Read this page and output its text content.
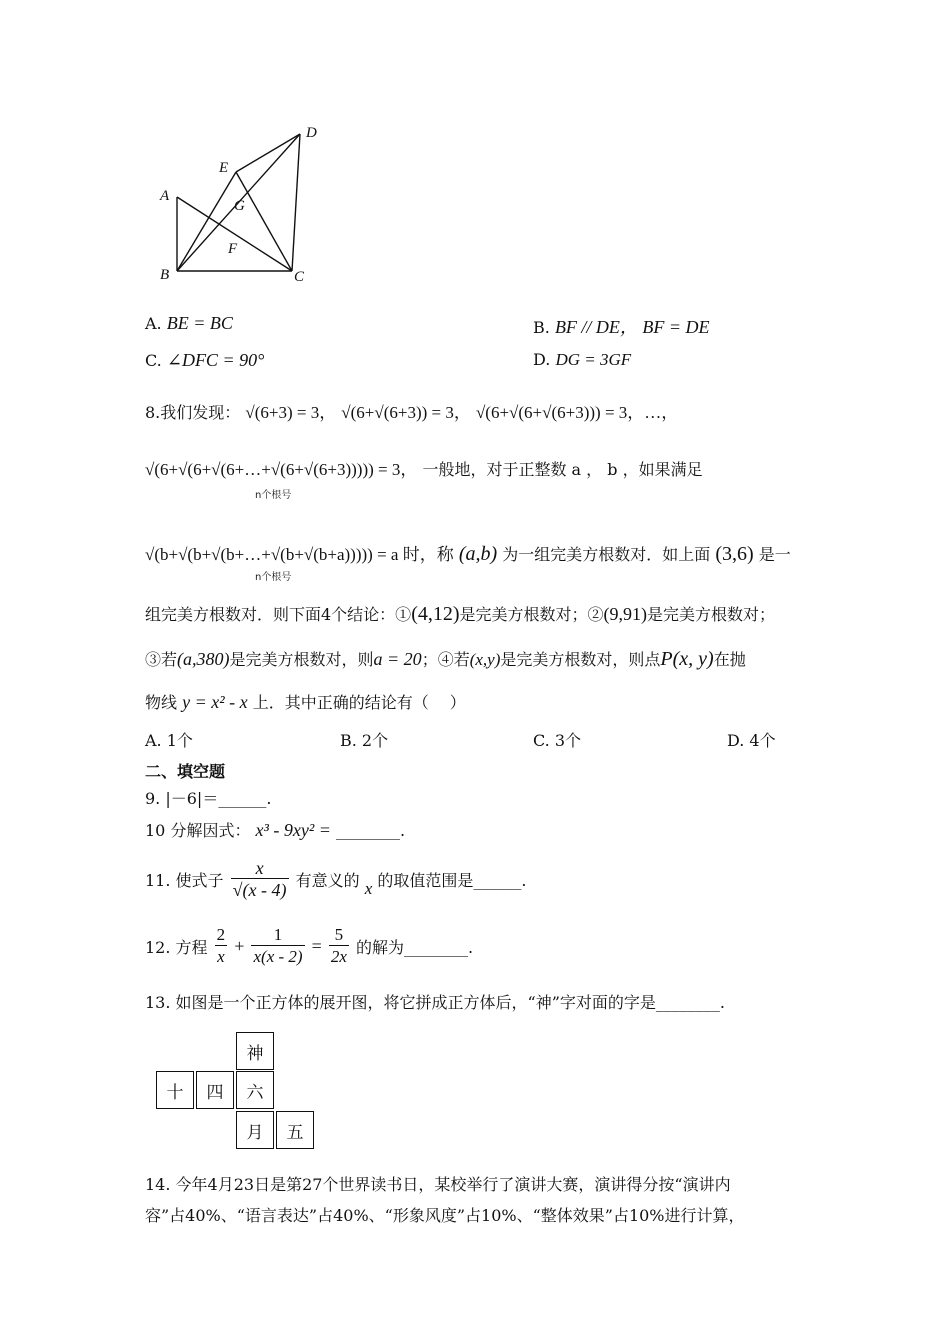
A
B	C
D
E
F
G
A. BE = BC	B. BF // DE， BF = DE
C. ∠DFC = 90°	D. DG = 3GF
8.我们发现： √(6+3) = 3， √(6+√(6+3)) = 3， √(6+√(6+√(6+3))) = 3，…，
√(6+√(6+√(6+…+√(6+√(6+3))))) = 3， 一般地，对于正整数 a ， b ，如果满足
n个根号
√(b+√(b+√(b+…+√(b+√(b+a))))) = a 时，称 (a,b) 为一组完美方根数对．如上面 (3,6) 是一
n个根号
组完美方根数对．则下面4个结论：①(4,12)是完美方根数对；②(9,91)是完美方根数对；
③若(a,380)是完美方根数对，则a = 20；④若(x,y)是完美方根数对，则点P(x, y)在抛
物线 y = x² - x 上．其中正确的结论有（　 ）
A. 1个	B. 2个	C. 3个	D. 4个
二、填空题
9. |－6|＝______.
10 分解因式： x³ - 9xy² = ________.
11. 使式子 $\frac{x}{√(x - 4)}$ 有意义的 x 的取值范围是______.
12. 方程 $\frac{2}{x} + \frac{1}{x(x - 2)} = \frac{5}{2x}$ 的解为________.
13. 如图是一个正方体的展开图，将它拼成正方体后，“神”字对面的字是________.
神
十	四	六
月	五
14. 今年4月23日是第27个世界读书日，某校举行了演讲大赛，演讲得分按“演讲内
容”占40%、“语言表达”占40%、“形象风度”占10%、“整体效果”占10%进行计算，
